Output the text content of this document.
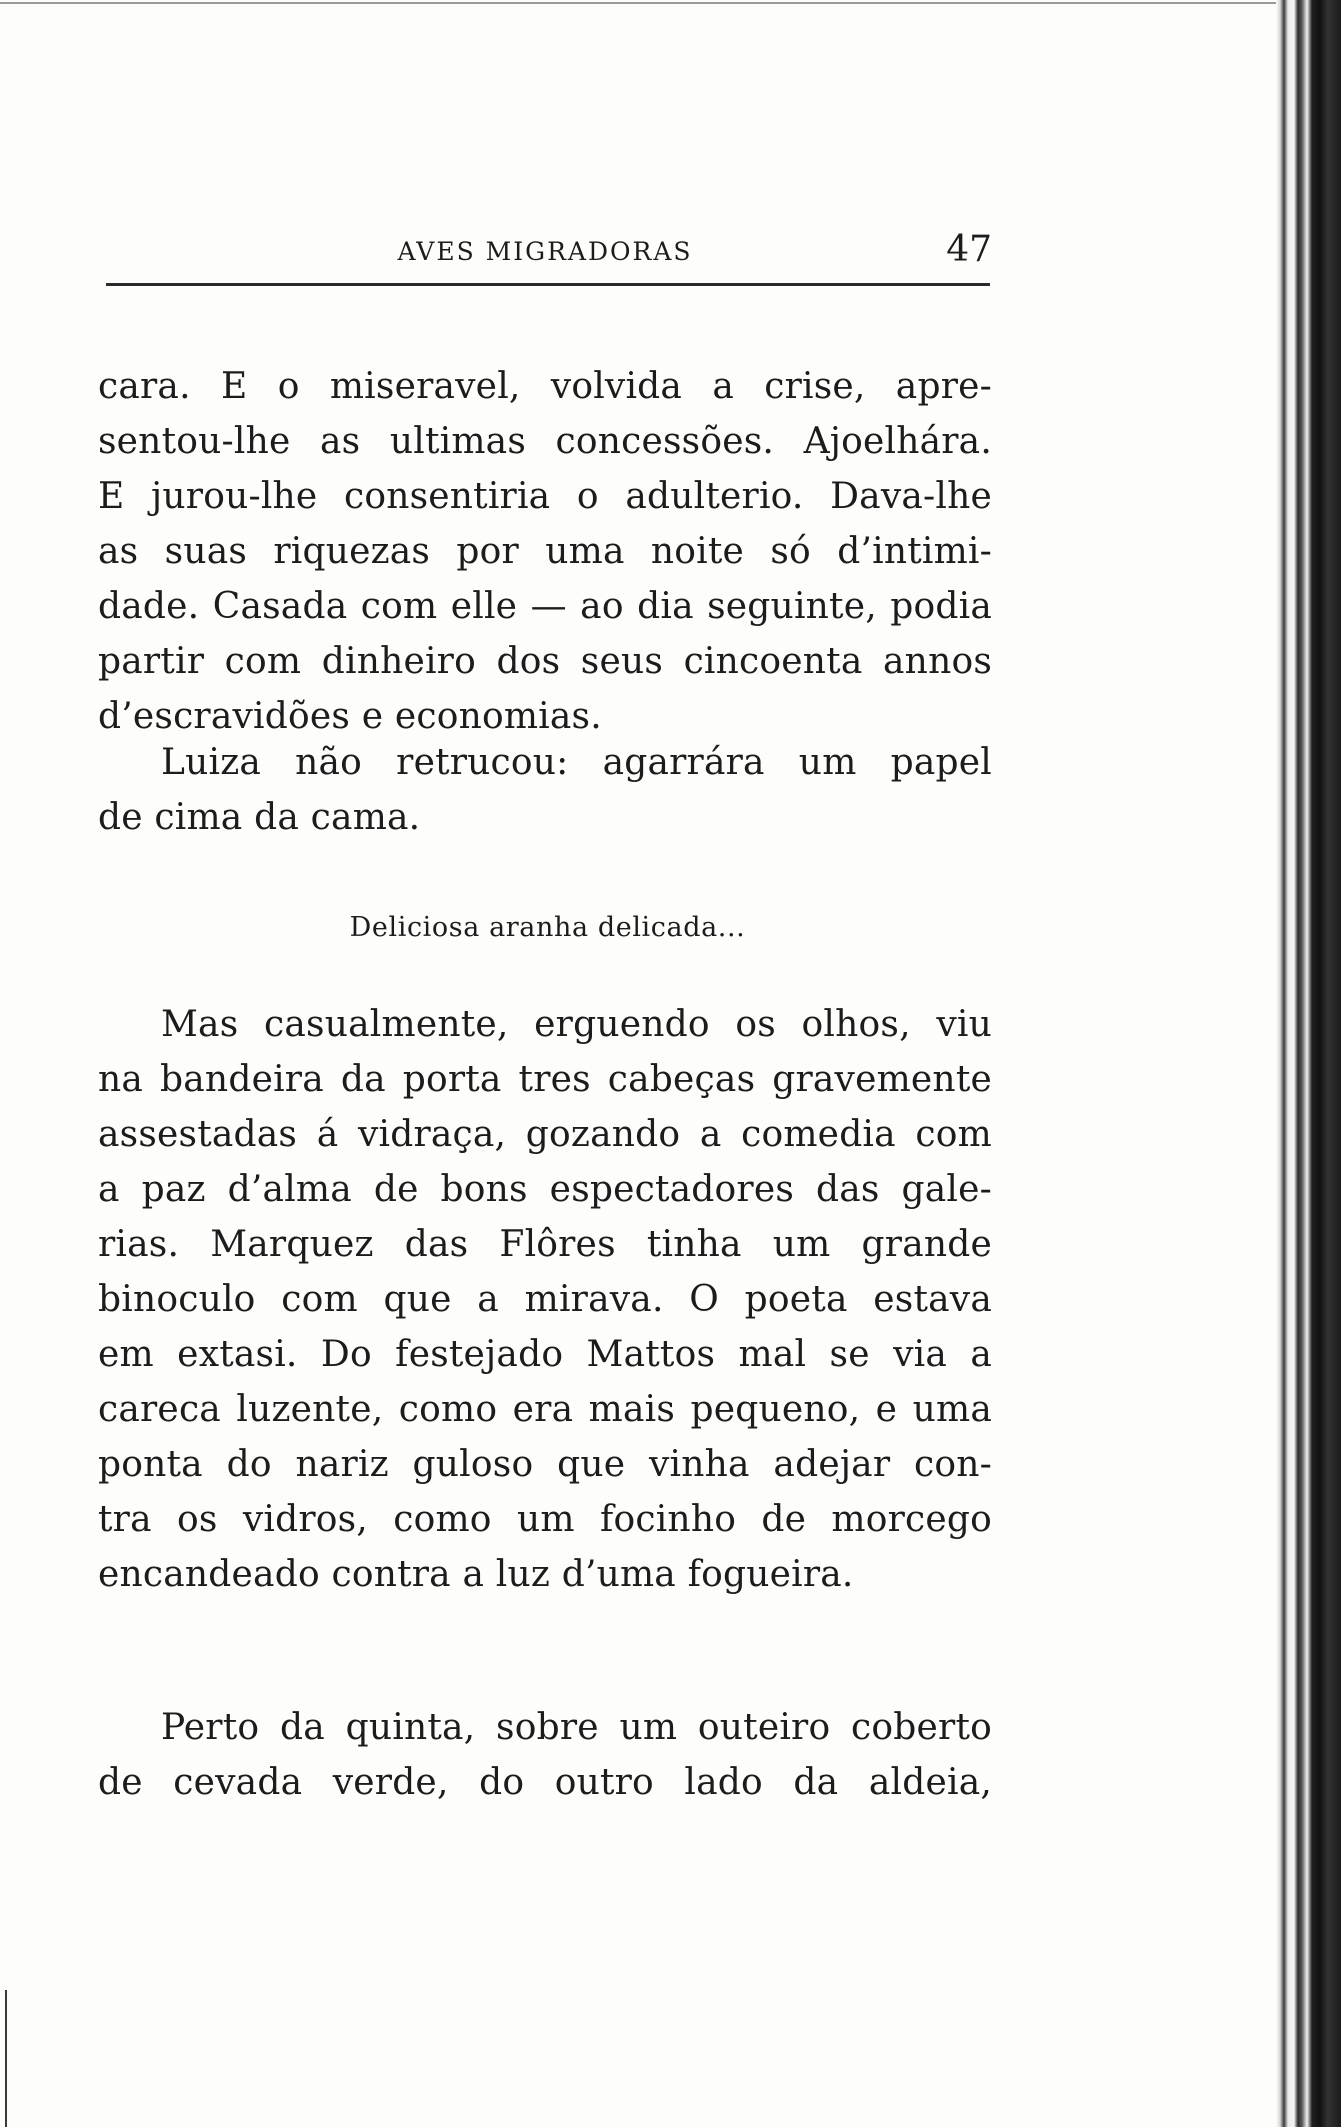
AVES MIGRADORAS	47
cara. E o miseravel, volvida a crise, apre-
sentou-lhe as ultimas concessões. Ajoelhára.
E jurou-lhe consentiria o adulterio. Dava-lhe
as suas riquezas por uma noite só d’intimi-
dade. Casada com elle — ao dia seguinte, podia
partir com dinheiro dos seus cincoenta annos
d’escravidões e economias.
Luiza não retrucou: agarrára um papel
de cima da cama.
Deliciosa aranha delicada...
Mas casualmente, erguendo os olhos, viu
na bandeira da porta tres cabeças gravemente
assestadas á vidraça, gozando a comedia com
a paz d’alma de bons espectadores das gale-
rias. Marquez das Flôres tinha um grande
binoculo com que a mirava. O poeta estava
em extasi. Do festejado Mattos mal se via a
careca luzente, como era mais pequeno, e uma
ponta do nariz guloso que vinha adejar con-
tra os vidros, como um focinho de morcego
encandeado contra a luz d’uma fogueira.
Perto da quinta, sobre um outeiro coberto
de cevada verde, do outro lado da aldeia,
